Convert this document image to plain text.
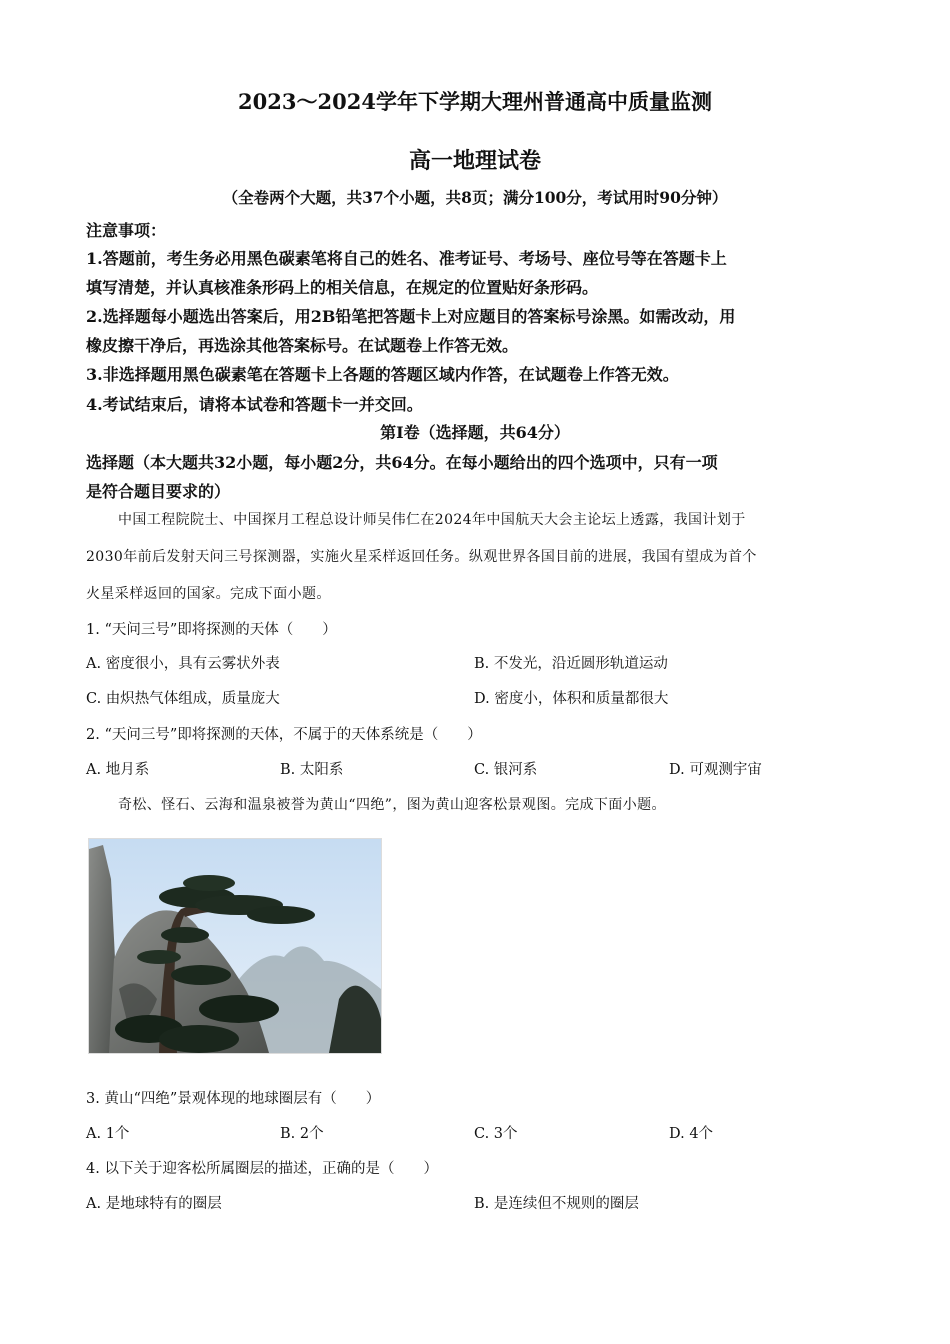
2023～2024学年下学期大理州普通高中质量监测
高一地理试卷
（全卷两个大题，共37个小题，共8页；满分100分，考试用时90分钟）
注意事项：
1.答题前，考生务必用黑色碳素笔将自己的姓名、准考证号、考场号、座位号等在答题卡上
填写清楚，并认真核准条形码上的相关信息，在规定的位置贴好条形码。
2.选择题每小题选出答案后，用2B铅笔把答题卡上对应题目的答案标号涂黑。如需改动，用
橡皮擦干净后，再选涂其他答案标号。在试题卷上作答无效。
3.非选择题用黑色碳素笔在答题卡上各题的答题区域内作答，在试题卷上作答无效。
4.考试结束后，请将本试卷和答题卡一并交回。
第Ⅰ卷（选择题，共64分）
选择题（本大题共32小题，每小题2分，共64分。在每小题给出的四个选项中，只有一项
是符合题目要求的）
中国工程院院士、中国探月工程总设计师吴伟仁在2024年中国航天大会主论坛上透露，我国计划于
2030年前后发射天问三号探测器，实施火星采样返回任务。纵观世界各国目前的进展，我国有望成为首个
火星采样返回的国家。完成下面小题。
1. “天问三号”即将探测的天体（　　）
A. 密度很小，具有云雾状外表	B. 不发光，沿近圆形轨道运动
C. 由炽热气体组成，质量庞大	D. 密度小，体积和质量都很大
2. “天问三号”即将探测的天体，不属于的天体系统是（　　）
A. 地月系	B. 太阳系	C. 银河系	D. 可观测宇宙
奇松、怪石、云海和温泉被誉为黄山“四绝”，图为黄山迎客松景观图。完成下面小题。
3. 黄山“四绝”景观体现的地球圈层有（　　）
A. 1个	B. 2个	C. 3个	D. 4个
4. 以下关于迎客松所属圈层的描述，正确的是（　　）
A. 是地球特有的圈层	B. 是连续但不规则的圈层
